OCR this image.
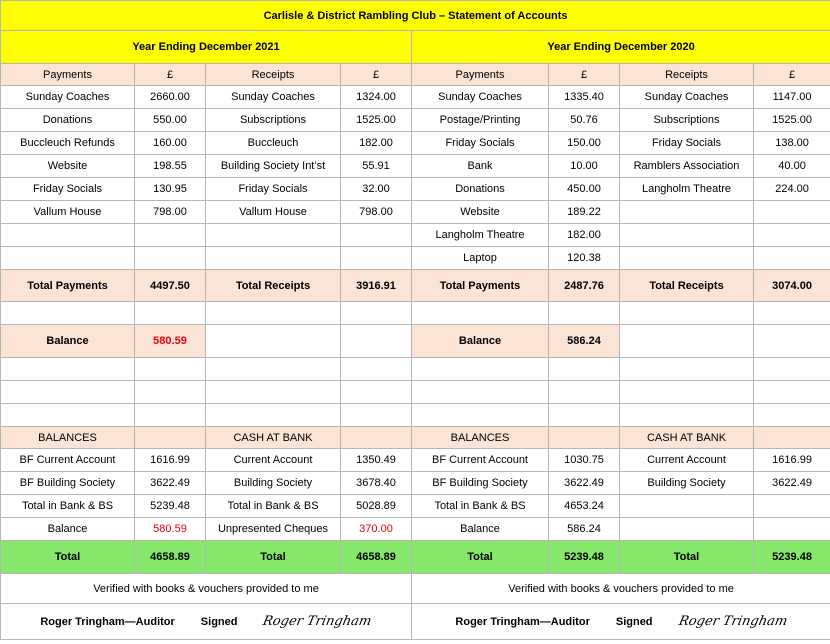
Carlisle & District Rambling Club – Statement of Accounts							
Year Ending December 2021				Year Ending December 2020			
Payments	£	Receipts	£	Payments	£	Receipts	£
Sunday Coaches	2660.00	Sunday Coaches	1324.00	Sunday Coaches	1335.40	Sunday Coaches	1147.00
Donations	550.00	Subscriptions	1525.00	Postage/Printing	50.76	Subscriptions	1525.00
Buccleuch Refunds	160.00	Buccleuch	182.00	Friday Socials	150.00	Friday Socials	138.00
Website	198.55	Building Society Int’st	55.91	Bank	10.00	Ramblers Association	40.00
Friday Socials	130.95	Friday Socials	32.00	Donations	450.00	Langholm Theatre	224.00
Vallum House	798.00	Vallum House	798.00	Website	189.22		
				Langholm Theatre	182.00		
				Laptop	120.38		
Total Payments	4497.50	Total Receipts	3916.91	Total Payments	2487.76	Total Receipts	3074.00

Balance	580.59			Balance	586.24		

BALANCES		CASH AT BANK		BALANCES		CASH AT BANK	
BF Current Account	1616.99	Current Account	1350.49	BF Current Account	1030.75	Current Account	1616.99
BF Building Society	3622.49	Building Society	3678.40	BF Building Society	3622.49	Building Society	3622.49
Total in Bank & BS	5239.48	Total in Bank & BS	5028.89	Total in Bank & BS	4653.24		
Balance	580.59	Unpresented Cheques	370.00	Balance	586.24		
Total	4658.89	Total	4658.89	Total	5239.48	Total	5239.48
Verified with books & vouchers provided to me				Verified with books & vouchers provided to me			
Roger Tringham—Auditor Signed Roger Tringham				Roger Tringham—Auditor Signed Roger Tringham			
